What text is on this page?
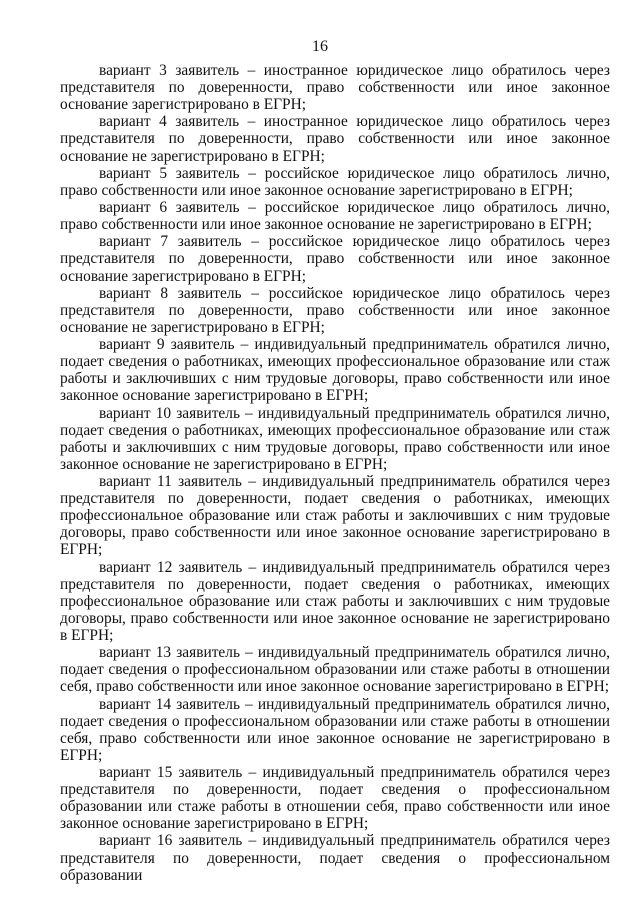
16

вариант 3 заявитель – иностранное юридическое лицо обратилось через представителя по доверенности, право собственности или иное законное основание зарегистрировано в ЕГРН;

вариант 4 заявитель – иностранное юридическое лицо обратилось через представителя по доверенности, право собственности или иное законное основание не зарегистрировано в ЕГРН;

вариант 5 заявитель – российское юридическое лицо обратилось лично, право собственности или иное законное основание зарегистрировано в ЕГРН;

вариант 6 заявитель – российское юридическое лицо обратилось лично, право собственности или иное законное основание не зарегистрировано в ЕГРН;

вариант 7 заявитель – российское юридическое лицо обратилось через представителя по доверенности, право собственности или иное законное основание зарегистрировано в ЕГРН;

вариант 8 заявитель – российское юридическое лицо обратилось через представителя по доверенности, право собственности или иное законное основание не зарегистрировано в ЕГРН;

вариант 9 заявитель – индивидуальный предприниматель обратился лично, подает сведения о работниках, имеющих профессиональное образование или стаж работы и заключивших с ним трудовые договоры, право собственности или иное законное основание зарегистрировано в ЕГРН;

вариант 10 заявитель – индивидуальный предприниматель обратился лично, подает сведения о работниках, имеющих профессиональное образование или стаж работы и заключивших с ним трудовые договоры, право собственности или иное законное основание не зарегистрировано в ЕГРН;

вариант 11 заявитель – индивидуальный предприниматель обратился через представителя по доверенности, подает сведения о работниках, имеющих профессиональное образование или стаж работы и заключивших с ним трудовые договоры, право собственности или иное законное основание зарегистрировано в ЕГРН;

вариант 12 заявитель – индивидуальный предприниматель обратился через представителя по доверенности, подает сведения о работниках, имеющих профессиональное образование или стаж работы и заключивших с ним трудовые договоры, право собственности или иное законное основание не зарегистрировано в ЕГРН;

вариант 13 заявитель – индивидуальный предприниматель обратился лично, подает сведения о профессиональном образовании или стаже работы в отношении себя, право собственности или иное законное основание зарегистрировано в ЕГРН;

вариант 14 заявитель – индивидуальный предприниматель обратился лично, подает сведения о профессиональном образовании или стаже работы в отношении себя, право собственности или иное законное основание не зарегистрировано в ЕГРН;

вариант 15 заявитель – индивидуальный предприниматель обратился через представителя по доверенности, подает сведения о профессиональном образовании или стаже работы в отношении себя, право собственности или иное законное основание зарегистрировано в ЕГРН;

вариант 16 заявитель – индивидуальный предприниматель обратился через представителя по доверенности, подает сведения о профессиональном образовании
